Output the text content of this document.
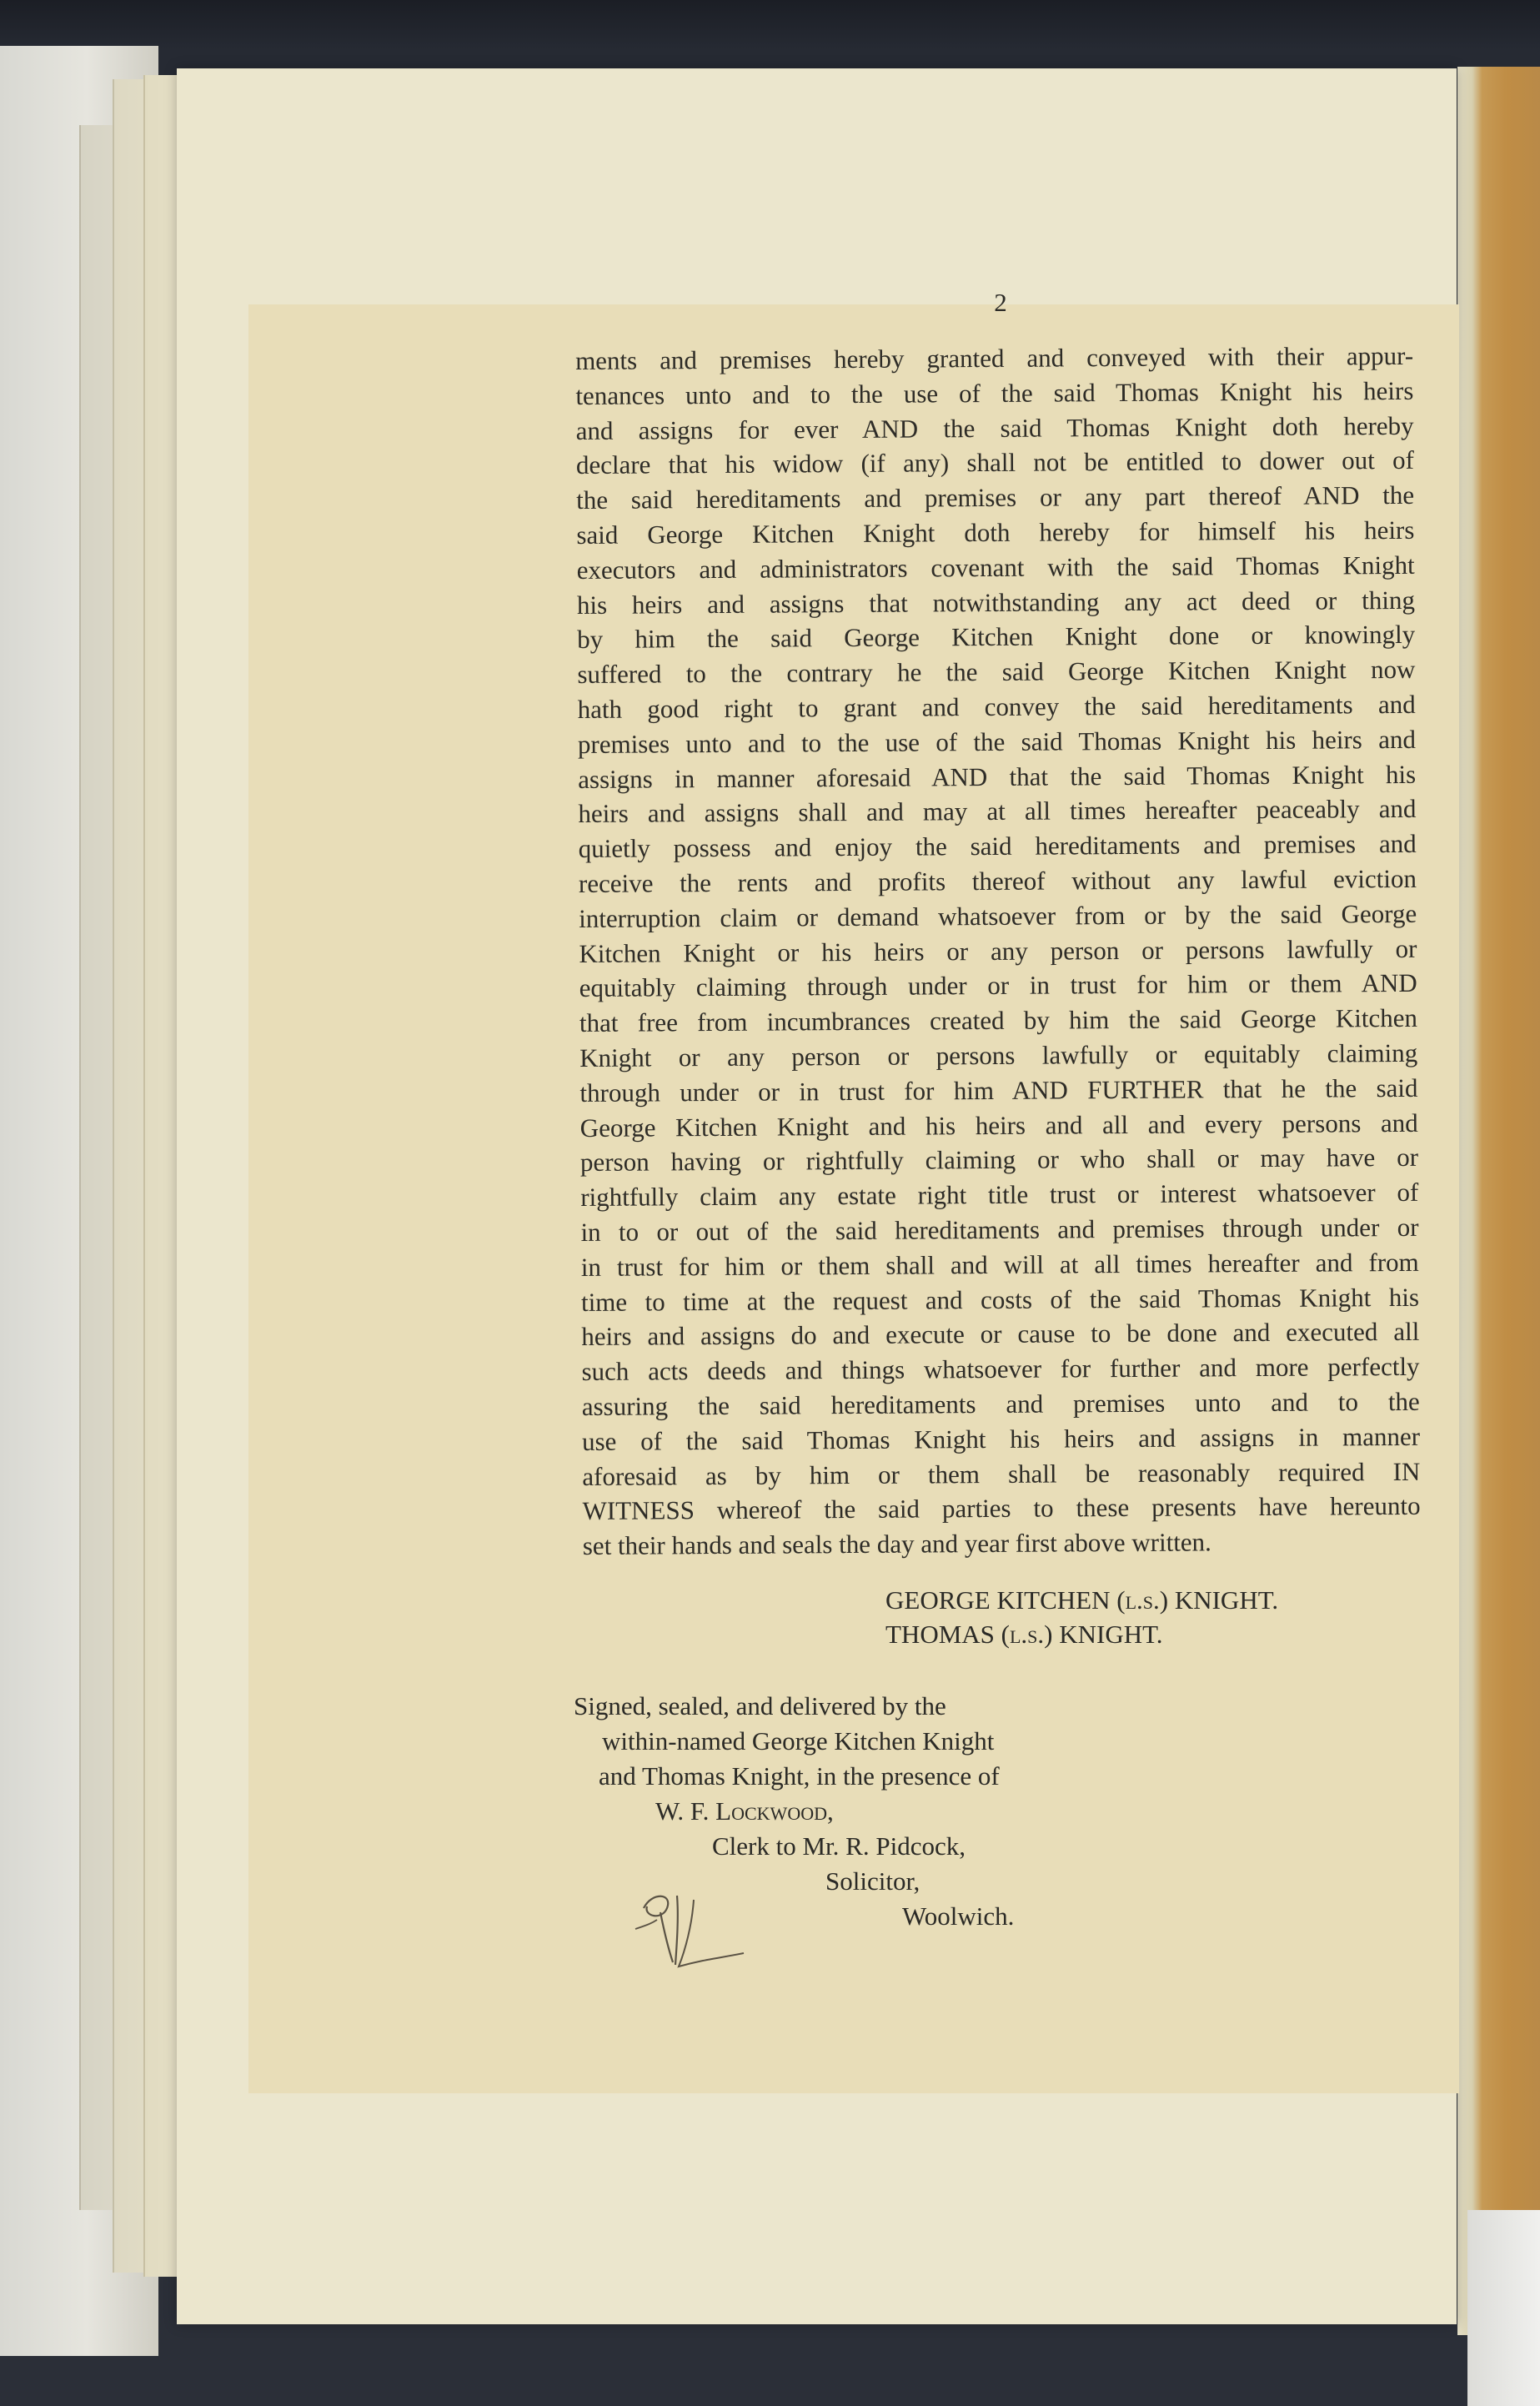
2
ments and premises hereby granted and conveyed with their appur-
tenances unto and to the use of the said Thomas Knight his heirs
and assigns for ever AND the said Thomas Knight doth hereby
declare that his widow (if any) shall not be entitled to dower out of
the said hereditaments and premises or any part thereof AND the
said George Kitchen Knight doth hereby for himself his heirs
executors and administrators covenant with the said Thomas Knight
his heirs and assigns that notwithstanding any act deed or thing
by him the said George Kitchen Knight done or knowingly
suffered to the contrary he the said George Kitchen Knight now
hath good right to grant and convey the said hereditaments and
premises unto and to the use of the said Thomas Knight his heirs and
assigns in manner aforesaid AND that the said Thomas Knight his
heirs and assigns shall and may at all times hereafter peaceably and
quietly possess and enjoy the said hereditaments and premises and
receive the rents and profits thereof without any lawful eviction
interruption claim or demand whatsoever from or by the said George
Kitchen Knight or his heirs or any person or persons lawfully or
equitably claiming through under or in trust for him or them AND
that free from incumbrances created by him the said George Kitchen
Knight or any person or persons lawfully or equitably claiming
through under or in trust for him AND FURTHER that he the said
George Kitchen Knight and his heirs and all and every persons and
person having or rightfully claiming or who shall or may have or
rightfully claim any estate right title trust or interest whatsoever of
in to or out of the said hereditaments and premises through under or
in trust for him or them shall and will at all times hereafter and from
time to time at the request and costs of the said Thomas Knight his
heirs and assigns do and execute or cause to be done and executed all
such acts deeds and things whatsoever for further and more perfectly
assuring the said hereditaments and premises unto and to the
use of the said Thomas Knight his heirs and assigns in manner
aforesaid as by him or them shall be reasonably required IN
WITNESS whereof the said parties to these presents have hereunto
set their hands and seals the day and year first above written.
GEORGE KITCHEN (l.s.) KNIGHT.
THOMAS (l.s.) KNIGHT.
Signed, sealed, and delivered by the
within-named George Kitchen Knight
and Thomas Knight, in the presence of
W. F. Lockwood,
Clerk to Mr. R. Pidcock,
Solicitor,
Woolwich.
